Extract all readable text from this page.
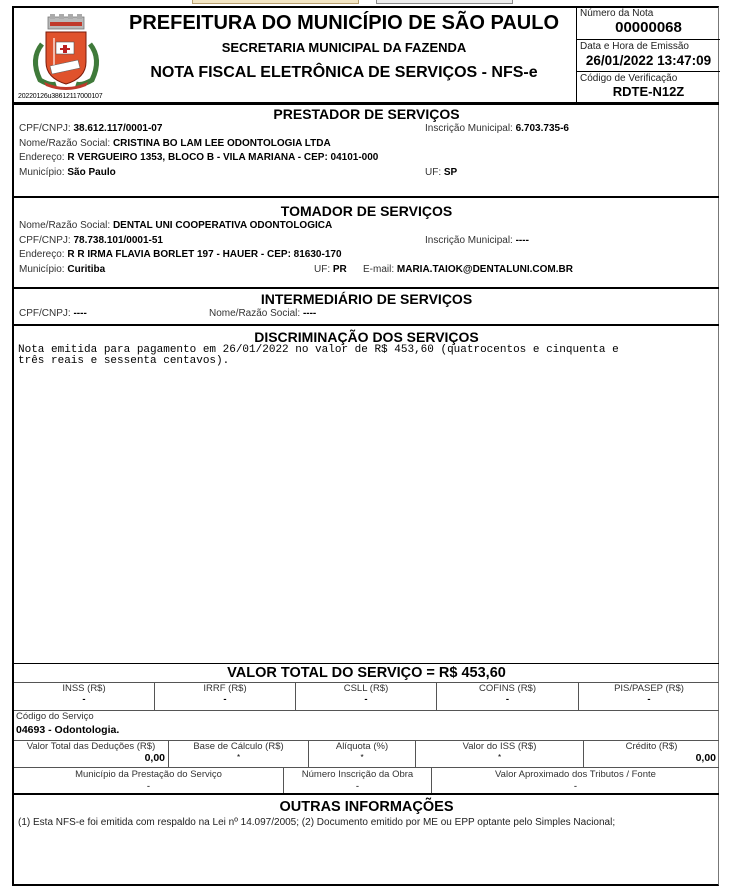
20220126u38612117000107
PREFEITURA DO MUNICÍPIO DE SÃO PAULO
SECRETARIA MUNICIPAL DA FAZENDA
NOTA FISCAL ELETRÔNICA DE SERVIÇOS - NFS-e
Número da Nota
00000068
Data e Hora de Emissão
26/01/2022 13:47:09
Código de Verificação
RDTE-N12Z
PRESTADOR DE SERVIÇOS
CPF/CNPJ: 38.612.117/0001-07	Inscrição Municipal: 6.703.735-6
Nome/Razão Social: CRISTINA BO LAM LEE ODONTOLOGIA LTDA
Endereço: R VERGUEIRO 1353, BLOCO B - VILA MARIANA - CEP: 04101-000
Município: São Paulo	UF: SP
TOMADOR DE SERVIÇOS
Nome/Razão Social: DENTAL UNI COOPERATIVA ODONTOLOGICA
CPF/CNPJ: 78.738.101/0001-51	Inscrição Municipal: ----
Endereço: R R IRMA FLAVIA BORLET 197 - HAUER - CEP: 81630-170
Município: Curitiba	UF: PR E-mail: MARIA.TAIOK@DENTALUNI.COM.BR
INTERMEDIÁRIO DE SERVIÇOS
CPF/CNPJ: ----	Nome/Razão Social: ----
DISCRIMINAÇÃO DOS SERVIÇOS
Nota emitida para pagamento em 26/01/2022 no valor de R$ 453,60 (quatrocentos e cinquenta e
três reais e sessenta centavos).
VALOR TOTAL DO SERVIÇO = R$ 453,60
INSS (R$)
-
IRRF (R$)
-
CSLL (R$)
-
COFINS (R$)
-
PIS/PASEP (R$)
-
Código do Serviço
04693 - Odontologia.
Valor Total das Deduções (R$)
0,00
Base de Cálculo (R$)
*
Alíquota (%)
*
Valor do ISS (R$)
*
Crédito (R$)
0,00
Município da Prestação do Serviço
-
Número Inscrição da Obra
-
Valor Aproximado dos Tributos / Fonte
-
OUTRAS INFORMAÇÕES
(1) Esta NFS-e foi emitida com respaldo na Lei nº 14.097/2005; (2) Documento emitido por ME ou EPP optante pelo Simples Nacional;
